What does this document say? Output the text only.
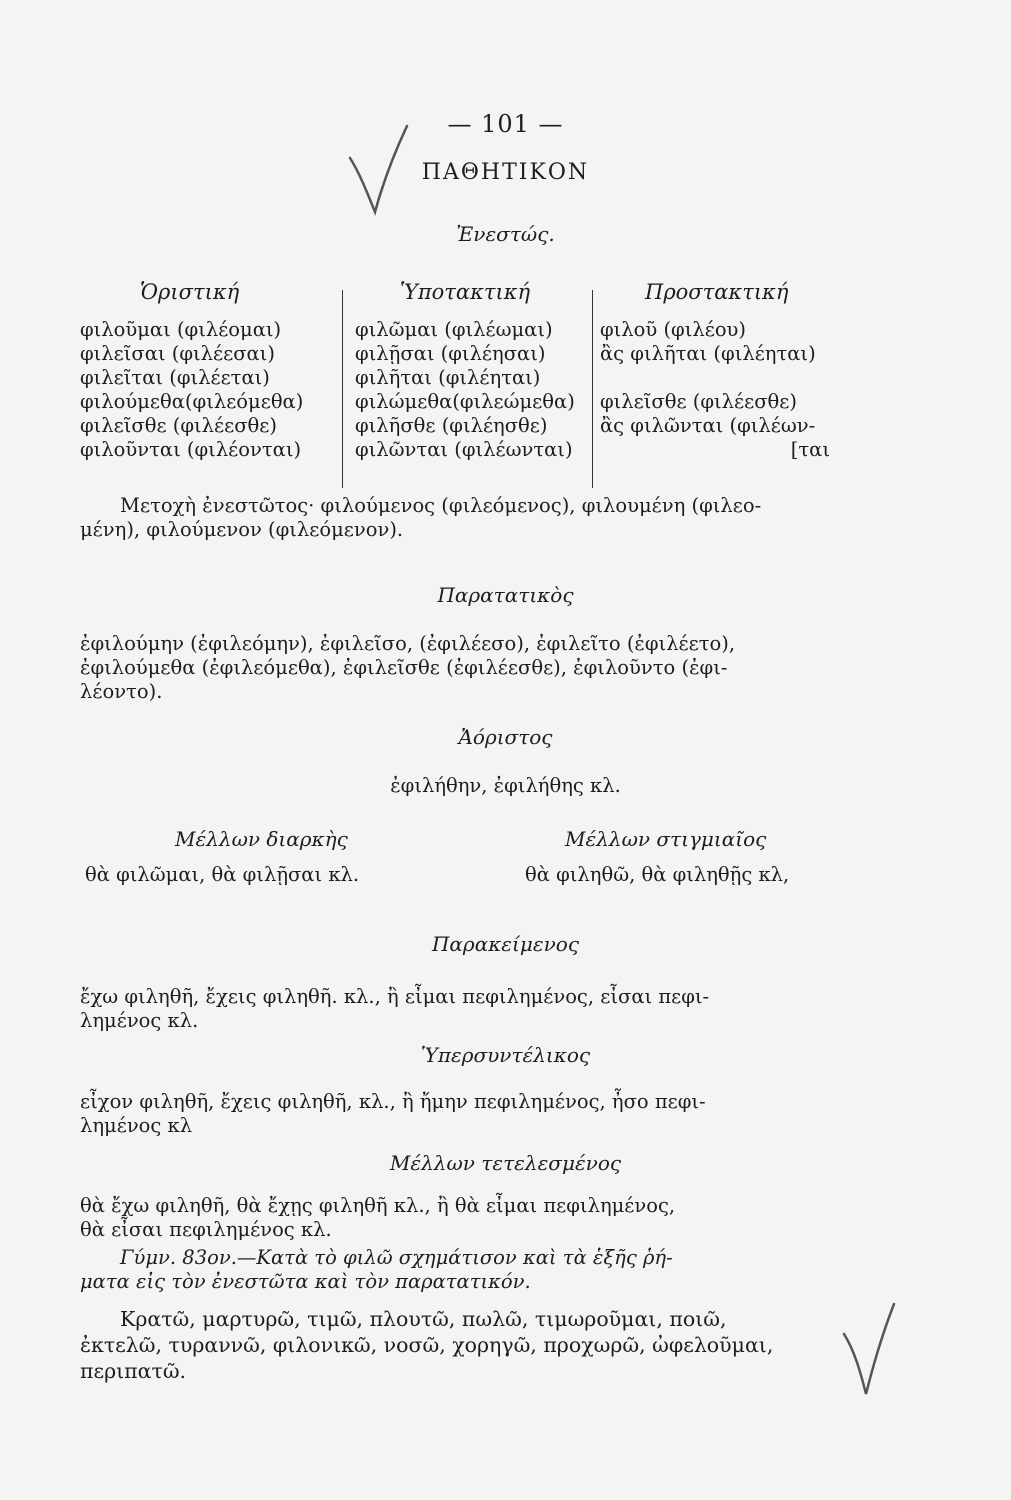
— 101 —
ΠΑΘΗΤΙΚΟΝ
Ἐνεστώς.
Ὁριστική
φιλοῦμαι (φιλέομαι)
φιλεῖσαι (φιλέεσαι)
φιλεῖται (φιλέεται)
φιλούμεθα(φιλεόμεθα)
φιλεῖσθε (φιλέεσθε)
φιλοῦνται (φιλέονται)
Ὑποτακτική
φιλῶμαι (φιλέωμαι)
φιλῇσαι (φιλέησαι)
φιλῆται (φιλέηται)
φιλώμεθα(φιλεώμεθα)
φιλῆσθε (φιλέησθε)
φιλῶνται (φιλέωνται)
Προστακτική
φιλοῦ (φιλέου)
ἂς φιλῆται (φιλέηται)
φιλεῖσθε (φιλέεσθε)
ἂς φιλῶνται (φιλέων-
[ται
Μετοχὴ ἐνεστῶτος· φιλούμενος (φιλεόμενος), φιλουμένη (φιλεο-
μένη), φιλούμενον (φιλεόμενον).
Παρατατικὸς
ἐφιλούμην (ἐφιλεόμην), ἐφιλεῖσο, (ἐφιλέεσο), ἐφιλεῖτο (ἐφιλέετο),
ἐφιλούμεθα (ἐφιλεόμεθα), ἐφιλεῖσθε (ἐφιλέεσθε), ἐφιλοῦντο (ἐφι-
λέοντο).
Ἀόριστος
ἐφιλήθην, ἐφιλήθης κλ.
Μέλλων διαρκὴς	Μέλλων στιγμιαῖος
θὰ φιλῶμαι, θὰ φιλῇσαι κλ.	θὰ φιληθῶ, θὰ φιληθῇς κλ,
Παρακείμενος
ἔχω φιληθῆ, ἔχεις φιληθῆ. κλ., ἢ εἶμαι πεφιλημένος, εἶσαι πεφι-
λημένος κλ.
Ὑπερσυντέλικος
εἶχον φιληθῆ, ἔχεις φιληθῆ, κλ., ἢ ἤμην πεφιλημένος, ἦσο πεφι-
λημένος κλ
Μέλλων τετελεσμένος
θὰ ἔχω φιληθῆ, θὰ ἔχῃς φιληθῆ κλ., ἢ θὰ εἶμαι πεφιλημένος,
θὰ εἶσαι πεφιλημένος κλ.
Γύμν. 83ον.—Κατὰ τὸ φιλῶ σχημάτισον καὶ τὰ ἑξῆς ῥή-
ματα εἰς τὸν ἐνεστῶτα καὶ τὸν παρατατικόν.
Κρατῶ, μαρτυρῶ, τιμῶ, πλουτῶ, πωλῶ, τιμωροῦμαι, ποιῶ,
ἐκτελῶ, τυραννῶ, φιλονικῶ, νοσῶ, χορηγῶ, προχωρῶ, ὠφελοῦμαι,
περιπατῶ.
